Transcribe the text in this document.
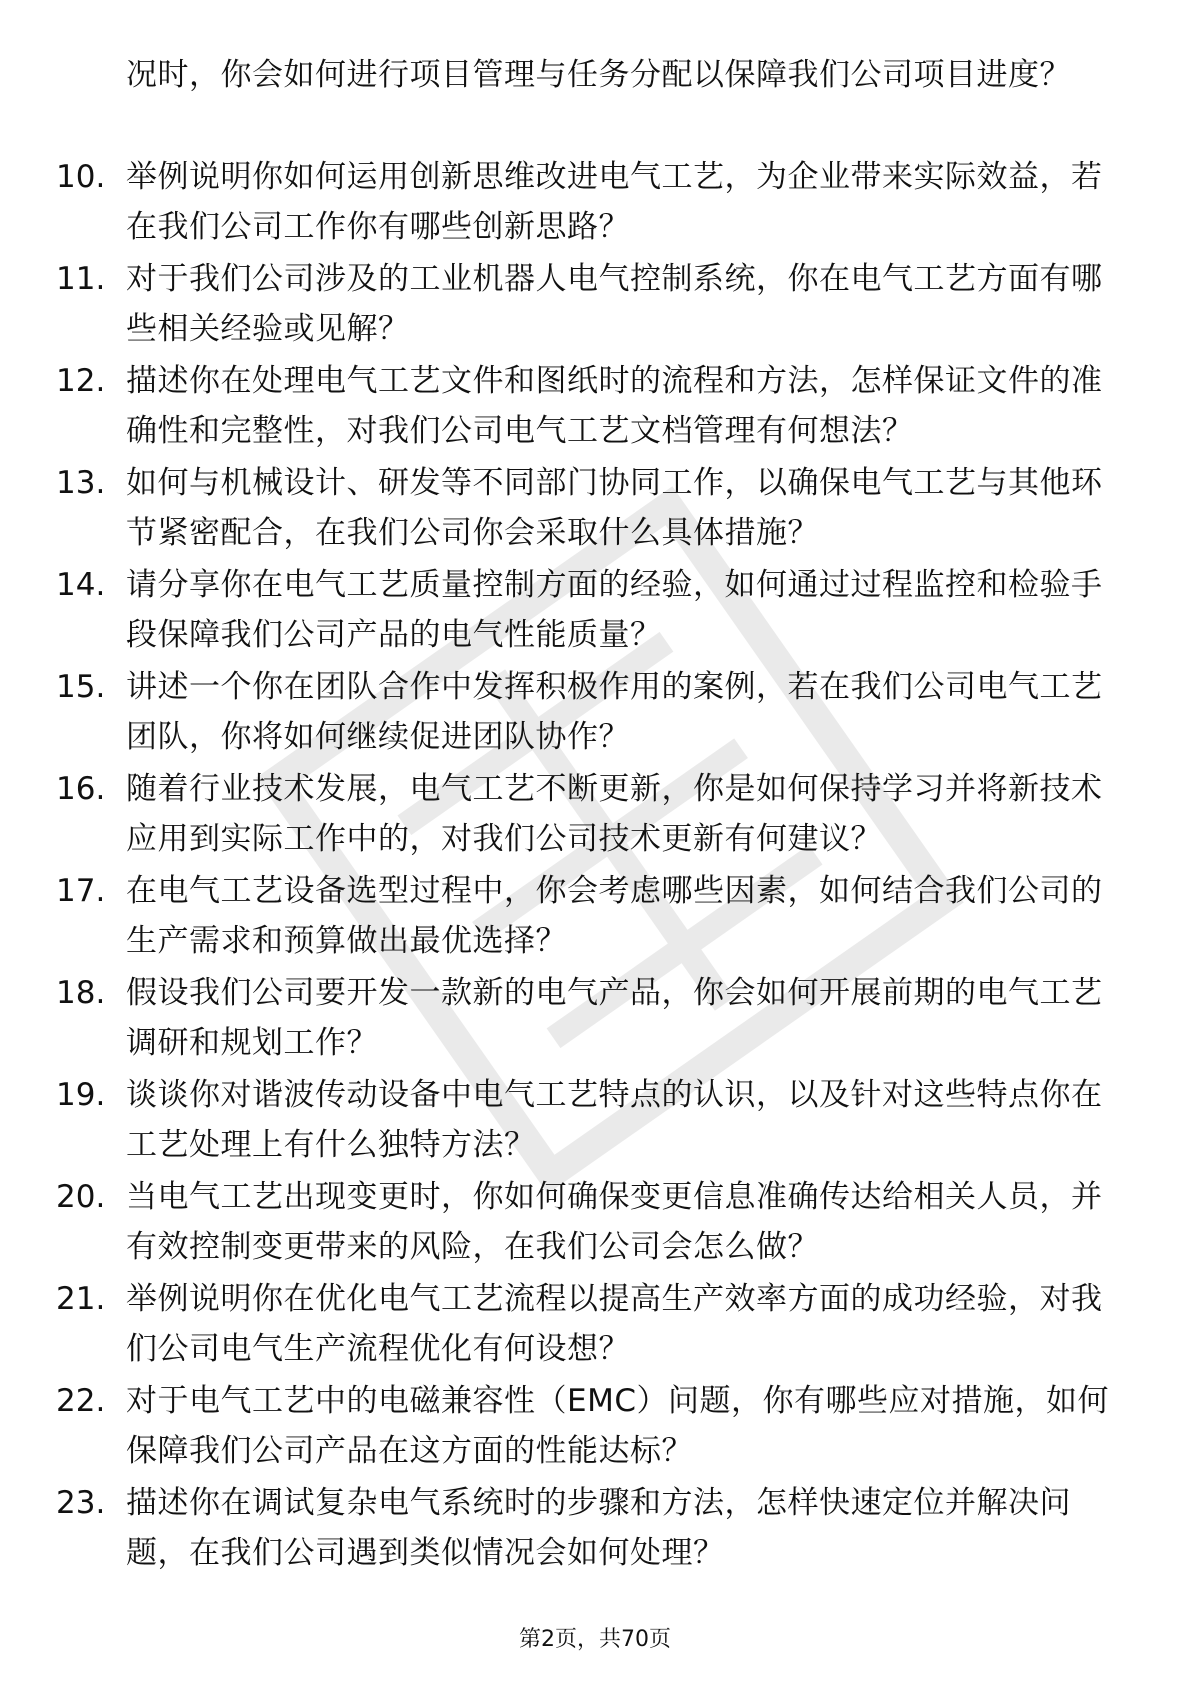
况时，你会如何进行项目管理与任务分配以保障我们公司项目进度？
10. 举例说明你如何运用创新思维改进电气工艺，为企业带来实际效益，若在我们公司工作你有哪些创新思路？
11. 对于我们公司涉及的工业机器人电气控制系统，你在电气工艺方面有哪些相关经验或见解？
12. 描述你在处理电气工艺文件和图纸时的流程和方法，怎样保证文件的准确性和完整性，对我们公司电气工艺文档管理有何想法？
13. 如何与机械设计、研发等不同部门协同工作，以确保电气工艺与其他环节紧密配合，在我们公司你会采取什么具体措施？
14. 请分享你在电气工艺质量控制方面的经验，如何通过过程监控和检验手段保障我们公司产品的电气性能质量？
15. 讲述一个你在团队合作中发挥积极作用的案例，若在我们公司电气工艺团队，你将如何继续促进团队协作？
16. 随着行业技术发展，电气工艺不断更新，你是如何保持学习并将新技术应用到实际工作中的，对我们公司技术更新有何建议？
17. 在电气工艺设备选型过程中，你会考虑哪些因素，如何结合我们公司的生产需求和预算做出最优选择？
18. 假设我们公司要开发一款新的电气产品，你会如何开展前期的电气工艺调研和规划工作？
19. 谈谈你对谐波传动设备中电气工艺特点的认识，以及针对这些特点你在工艺处理上有什么独特方法？
20. 当电气工艺出现变更时，你如何确保变更信息准确传达给相关人员，并有效控制变更带来的风险，在我们公司会怎么做？
21. 举例说明你在优化电气工艺流程以提高生产效率方面的成功经验，对我们公司电气生产流程优化有何设想？
22. 对于电气工艺中的电磁兼容性（EMC）问题，你有哪些应对措施，如何保障我们公司产品在这方面的性能达标？
23. 描述你在调试复杂电气系统时的步骤和方法，怎样快速定位并解决问题，在我们公司遇到类似情况会如何处理？
第2页，共70页
